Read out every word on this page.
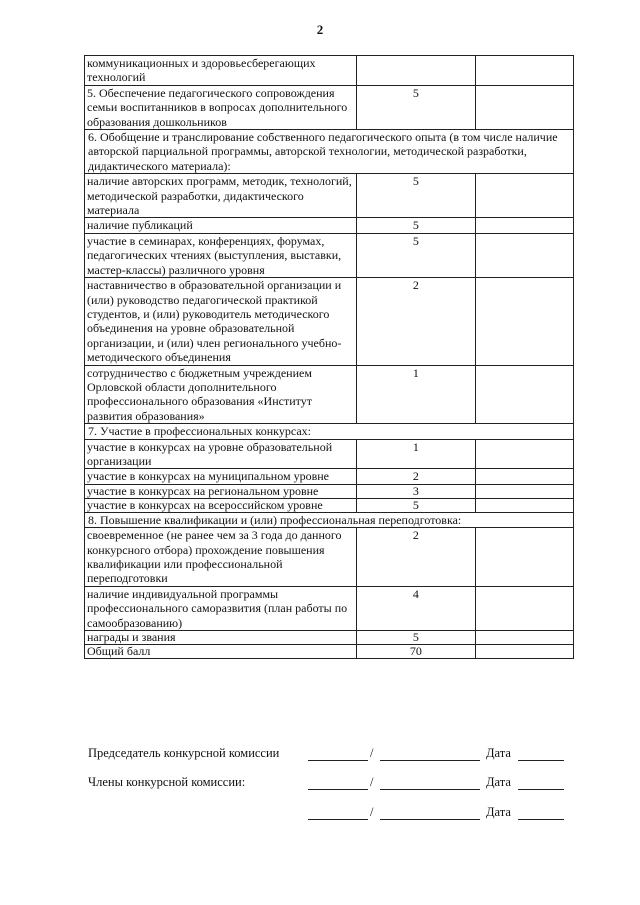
2
коммуникационных и здоровьесберегающих технологий		
5. Обеспечение педагогического сопровождения семьи воспитанников в вопросах дополнительного образования дошкольников	5	
6. Обобщение и транслирование собственного педагогического опыта (в том числе наличие авторской парциальной программы, авторской технологии, методической разработки, дидактического материала):		
наличие авторских программ, методик, технологий, методической разработки, дидактического материала	5	
наличие публикаций	5	
участие в семинарах, конференциях, форумах, педагогических чтениях (выступления, выставки, мастер-классы) различного уровня	5	
наставничество в образовательной организации и (или) руководство педагогической практикой студентов, и (или) руководитель методического объединения на уровне образовательной организации, и (или) член регионального учебно-методического объединения	2	
сотрудничество с бюджетным учреждением Орловской области дополнительного профессионального образования «Институт развития образования»	1	
7. Участие в профессиональных конкурсах:		
участие в конкурсах на уровне образовательной организации	1	
участие в конкурсах на муниципальном уровне	2	
участие в конкурсах на региональном уровне	3	
участие в конкурсах на всероссийском уровне	5	
8. Повышение квалификации и (или) профессиональная переподготовка:		
своевременное (не ранее чем за 3 года до данного конкурсного отбора) прохождение повышения квалификации или профессиональной переподготовки	2	
наличие индивидуальной программы профессионального саморазвития (план работы по самообразованию)	4	
награды и звания	5	
Общий балл	70	
Председатель конкурсной комиссии	/	Дата
Члены конкурсной комиссии:	/	Дата
/	Дата
